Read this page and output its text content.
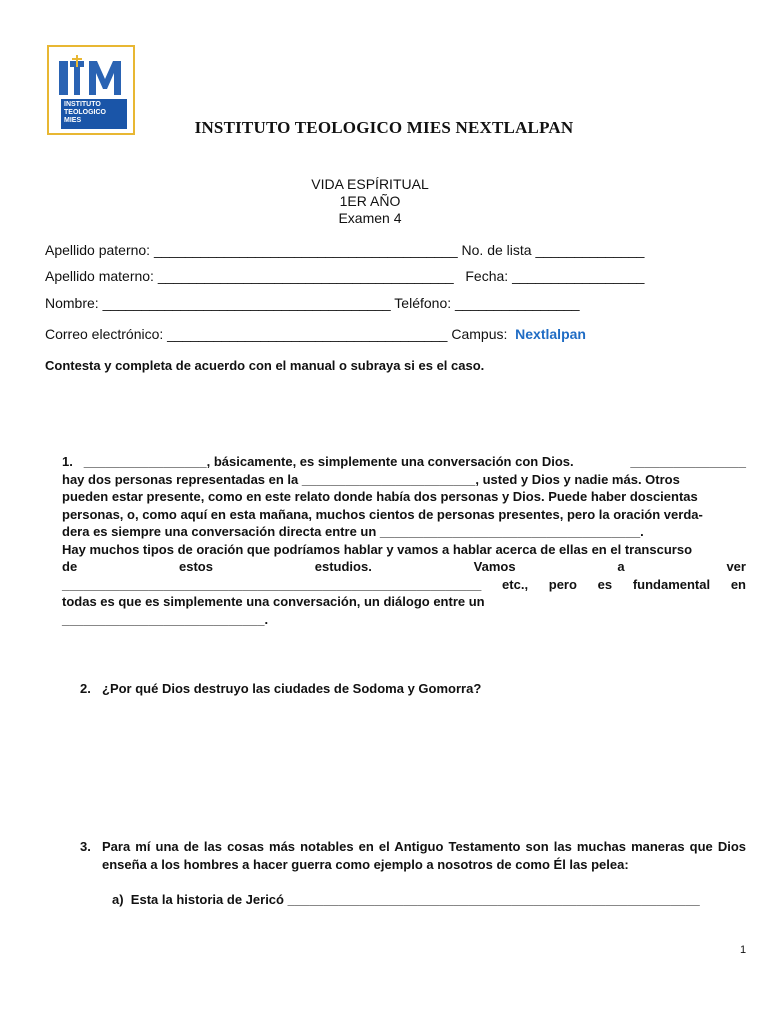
INSTITUTO
TEOLOGICO
MIES	INSTITUTO TEOLOGICO MIES NEXTLALPAN
VIDA ESPÍRITUAL
1ER AÑO
Examen 4
Apellido paterno: _______________________________________ No. de lista ______________
Apellido materno: ______________________________________   Fecha: _________________
Nombre: _____________________________________ Teléfono: ________________
Correo electrónico: ____________________________________ Campus:  Nextlalpan
Contesta y completa de acuerdo con el manual o subraya si es el caso.
1. _________________, básicamente, es simplemente una conversación con Dios.	________________
hay dos personas representadas en la ________________________, usted y Dios y nadie más. Otros
pueden estar presente, como en este relato donde había dos personas y Dios. Puede haber doscientas
personas, o, como aquí en esta mañana, muchos cientos de personas presentes, pero la oración verda-
dera es siempre una conversación directa entre un ____________________________________.
Hay muchos tipos de oración que podríamos hablar y vamos a hablar acerca de ellas en el transcurso
de	estos	estudios.	Vamos	a	ver
__________________________________________________________ etc., pero es fundamental en
todas es que es simplemente una conversación, un diálogo entre un
____________________________.
2. ¿Por qué Dios destruyo las ciudades de Sodoma y Gomorra?
3. Para mí una de las cosas más notables en el Antiguo Testamento son las muchas maneras que Dios enseña a los hombres a hacer guerra como ejemplo a nosotros de como Él las pelea:
a) Esta la historia de Jericó _________________________________________________________
1
